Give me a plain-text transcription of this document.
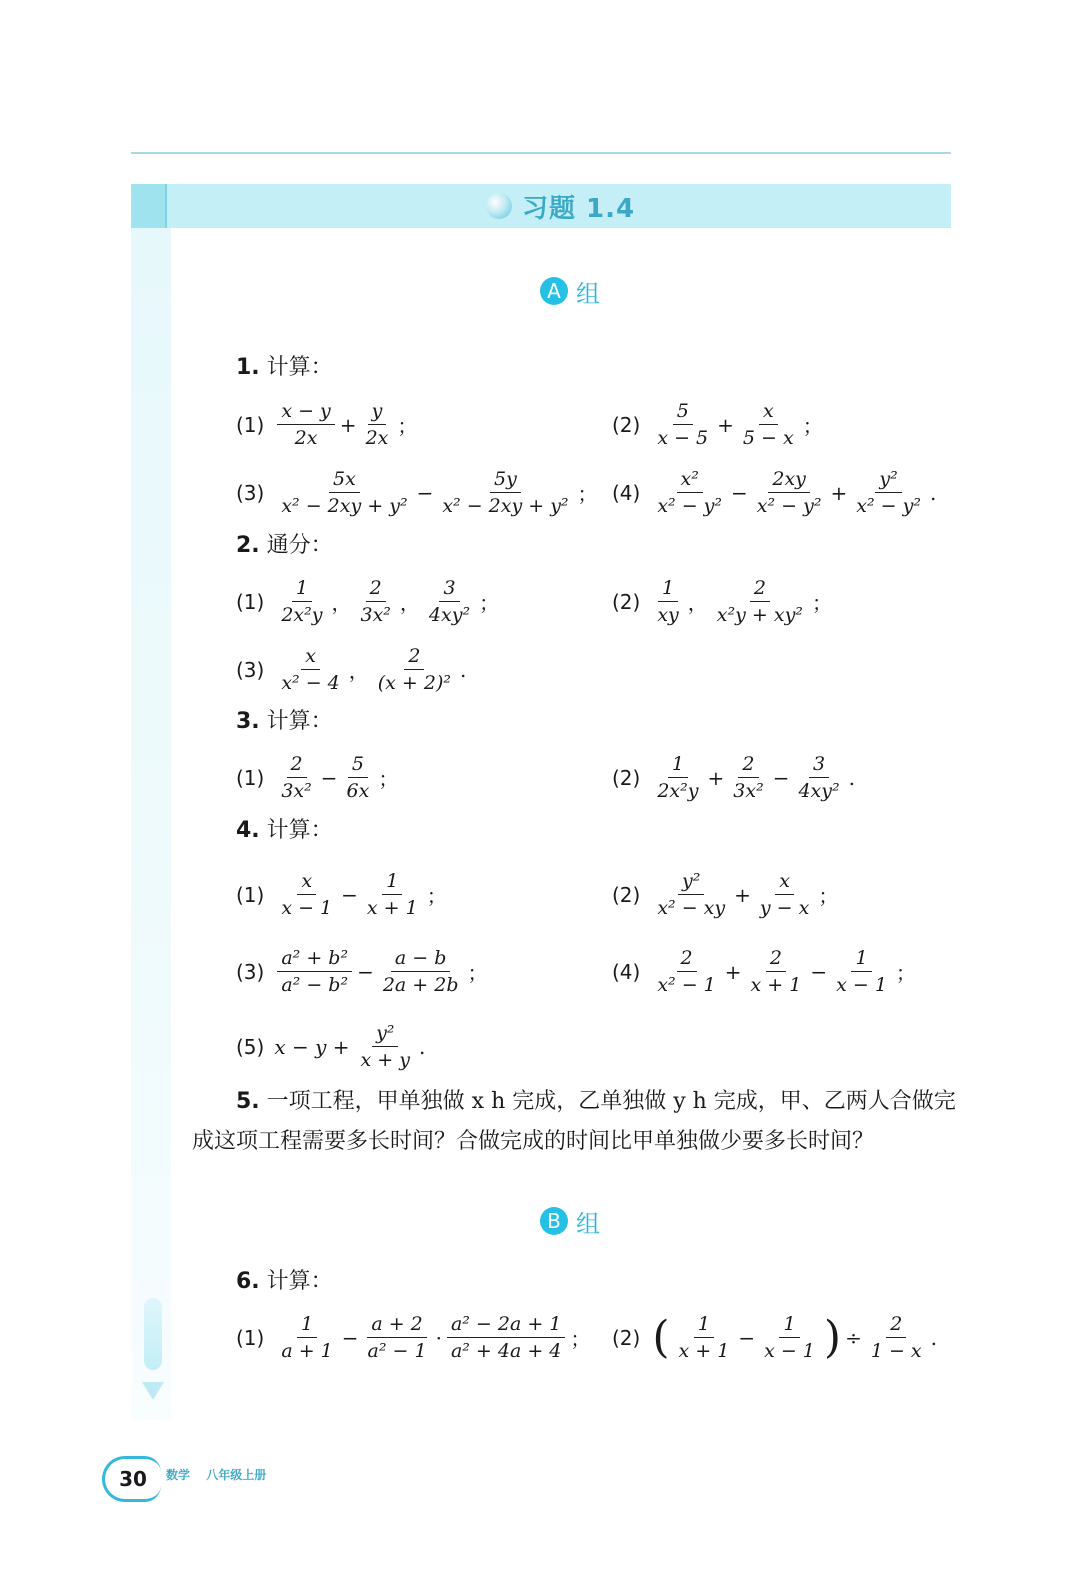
习题 1.4
A 组
1. 计算：
(1)
x − y
2x
+ $\frac{y}{2x}$ ；	(2)
5
x − 5
+ $\frac{x}{5 - x}$ ；
(3)
5x
x² − 2xy + y²
− $\frac{5y}{\text{x² − 2xy + y²}}$ ； (4)
x²
x² − y²
− $\frac{2xy}{\text{x² − y²}} + \frac{\text{y²}}{\text{x² − y²}}$ .
2. 通分：
(1)
1
2x²y ，
2
3x² ，
3
4xy² ；	(2)
1
xy ，
2
x²y + xy² ；
(3)
x
x² − 4 ，
2
(x + 2)²
.
3. 计算：
(1)
2
3x²
− $\frac{5}{6x}$ ；	(2)
1
2x²y
+ $\frac{2}{\text{3x²}} - \frac{3}{\text{4xy²}}$ .
4. 计算：
(1)
x
x − 1
− $\frac{1}{x + 1}$ ；	(2)
y²
x² − xy
+ $\frac{x}{y - x}$ ；
(3)
a² + b²
a² − b²
− $\frac{a - b}{2a + 2b}$ ；	(4)
2
x² − 1
+ $\frac{2}{x + 1} - \frac{1}{x - 1}$ ；
(5) $x - y + \frac{\text{y²}}{x + y}$ .
5. 一项工程，甲单独做 x h 完成，乙单独做 y h 完成，甲、乙两人合做完
成这项工程需要多长时间？合做完成的时间比甲单独做少要多长时间？
B 组
6. 计算：
(1)
1
a + 1
− $\frac{a + 2}{\text{a² − 1}}$ ·
a² − 2a + 1
a² + 4a + 4 ； (2) ( 1
x + 1
− $\frac{1}{x - 1}$ ) ÷ $\frac{2}{1 - x}$ .
30	数学 八年级上册
